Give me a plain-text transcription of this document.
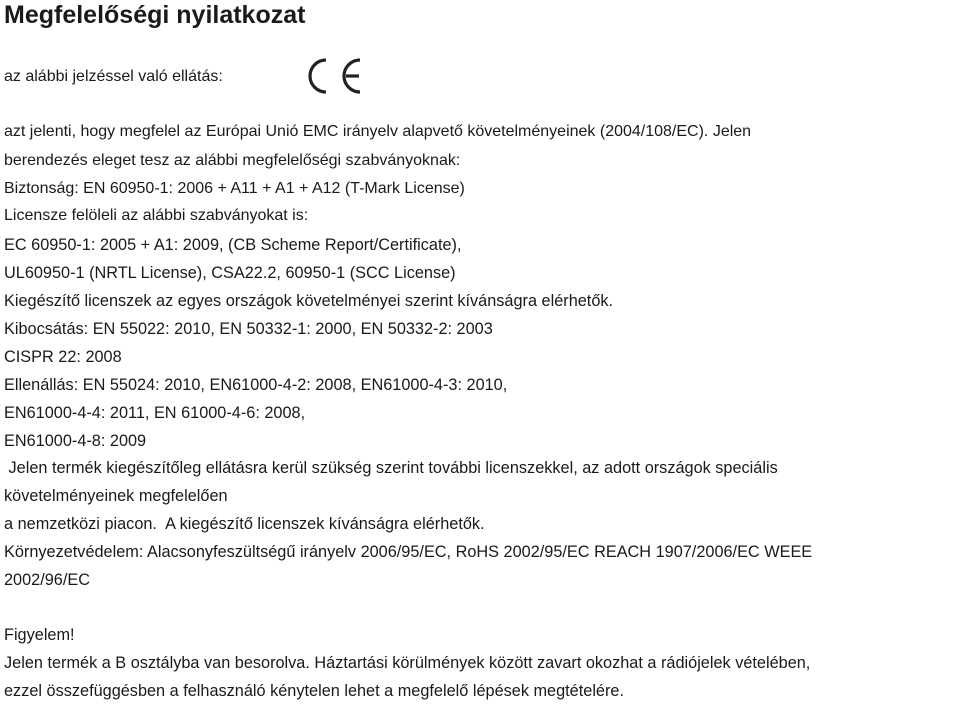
Megfelelőségi nyilatkozat
az alábbi jelzéssel való ellátás:
azt jelenti, hogy megfelel az Európai Unió EMC irányelv alapvető követelményeinek (2004/108/EC). Jelen
berendezés eleget tesz az alábbi megfelelőségi szabványoknak:
Biztonság: EN 60950-1: 2006 + A11 + A1 + A12 (T-Mark License)
Licensze felöleli az alábbi szabványokat is:
EC 60950-1: 2005 + A1: 2009, (CB Scheme Report/Certificate),
UL60950-1 (NRTL License), CSA22.2, 60950-1 (SCC License)
Kiegészítő licenszek az egyes országok követelményei szerint kívánságra elérhetők.
Kibocsátás: EN 55022: 2010, EN 50332-1: 2000, EN 50332-2: 2003
CISPR 22: 2008
Ellenállás: EN 55024: 2010, EN61000-4-2: 2008, EN61000-4-3: 2010,
EN61000-4-4: 2011, EN 61000-4-6: 2008,
EN61000-4-8: 2009
Jelen termék kiegészítőleg ellátásra kerül szükség szerint további licenszekkel, az adott országok speciális
követelményeinek megfelelően
a nemzetközi piacon.  A kiegészítő licenszek kívánságra elérhetők.
Környezetvédelem: Alacsonyfeszültségű irányelv 2006/95/EC, RoHS 2002/95/EC REACH 1907/2006/EC WEEE
2002/96/EC
Figyelem!
Jelen termék a B osztályba van besorolva. Háztartási körülmények között zavart okozhat a rádiójelek vételében,
ezzel összefüggésben a felhasználó kénytelen lehet a megfelelő lépések megtételére.
